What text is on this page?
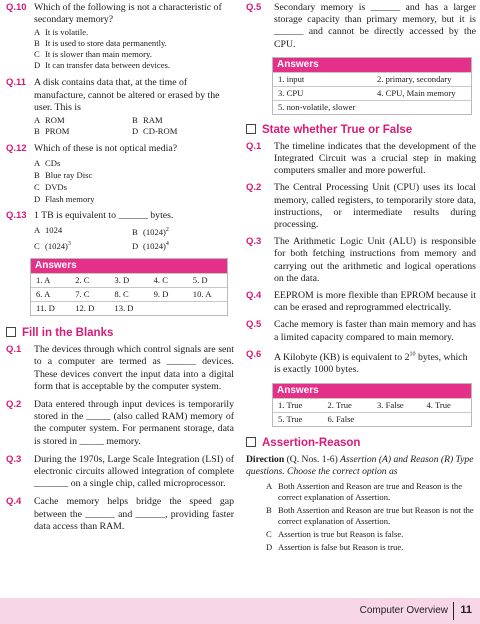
Q.10 Which of the following is not a characteristic of secondary memory?
A It is volatile.
B It is used to store data permanently.
C It is slower than main memory.
D It can transfer data between devices.
Q.11 A disk contains data that, at the time of manufacture, cannot be altered or erased by the user. This is
A ROM	B RAM
B PROM	D CD-ROM
Q.12 Which of these is not optical media?
A CDs
B Blue ray Disc
C DVDs
D Flash memory
Q.13 1 TB is equivalent to ______ bytes.
A 1024	B $(1024)^2$
C $(1024)^3$	D $(1024)^4$
Answers
1. A	2. C	3. D	4. C	5. D
6. A	7. C	8. C	9. D	10. A
11. D	12. D	13. D
Fill in the Blanks
Q.1 The devices through which control signals are sent to a computer are termed as ______ devices. These devices convert the input data into a digital form that is acceptable by the computer system.
Q.2 Data entered through input devices is temporarily stored in the _____ (also called RAM) memory of the computer system. For permanent storage, data is stored in _____ memory.
Q.3 During the 1970s, Large Scale Integration (LSI) of electronic circuits allowed integration of complete _______ on a single chip, called microprocessor.
Q.4 Cache memory helps bridge the speed gap between the ______ and ______, providing faster data access than RAM.
Q.5 Secondary memory is ______ and has a larger storage capacity than primary memory, but it is ______ and cannot be directly accessed by the CPU.
Answers
1. input	2. primary, secondary
3. CPU	4. CPU, Main memory
5. non-volatile, slower
State whether True or False
Q.1 The timeline indicates that the development of the Integrated Circuit was a crucial step in making computers smaller and more powerful.
Q.2 The Central Processing Unit (CPU) uses its local memory, called registers, to temporarily store data, instructions, or intermediate results during processing.
Q.3 The Arithmetic Logic Unit (ALU) is responsible for both fetching instructions from memory and carrying out the arithmetic and logical operations on the data.
Q.4 EEPROM is more flexible than EPROM because it can be erased and reprogrammed electrically.
Q.5 Cache memory is faster than main memory and has a limited capacity compared to main memory.
Q.6 A Kilobyte (KB) is equivalent to $2^{10}$ bytes, which is exactly 1000 bytes.
Answers
1. True	2. True	3. False	4. True
5. True	6. False
Assertion-Reason
Direction (Q. Nos. 1-6) Assertion (A) and Reason (R) Type questions. Choose the correct option as
A Both Assertion and Reason are true and Reason is the correct explanation of Assertion.
B Both Assertion and Reason are true but Reason is not the correct explanation of Assertion.
C Assertion is true but Reason is false.
D Assertion is false but Reason is true.
Computer Overview 11
